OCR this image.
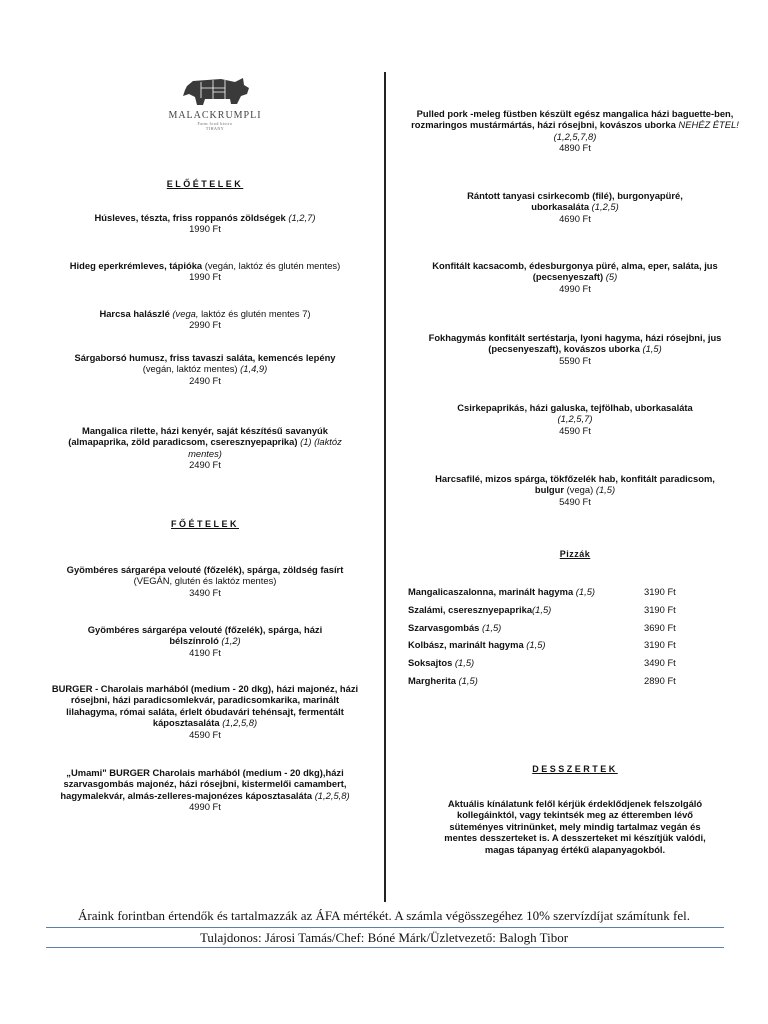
MALACKRUMPLI
Farm food bistro
TIHANY
ELŐÉTELEK
Húsleves, tészta, friss roppanós zöldségek (1,2,7)
1990 Ft
Hideg eperkrémleves, tápióka (vegán, laktóz és glutén mentes)
1990 Ft
Harcsa halászlé (vega, laktóz és glutén mentes 7)
2990 Ft
Sárgaborsó humusz, friss tavaszi saláta, kemencés lepény
(vegán, laktóz mentes) (1,4,9)
2490 Ft
Mangalica rilette, házi kenyér, saját készítésű savanyúk (almapaprika, zöld paradicsom, cseresznyepaprika) (1) (laktóz mentes)
2490 Ft
FŐÉTELEK
Gyömbéres sárgarépa velouté (főzelék), spárga, zöldség fasírt (VEGÁN, glutén és laktóz mentes)
3490 Ft
Gyömbéres sárgarépa velouté (főzelék), spárga, házi bélszínroló (1,2)
4190 Ft
BURGER - Charolais marhából (medium - 20 dkg), házi majonéz, házi rósejbni, házi paradicsomlekvár, paradicsomkarika, marinált lilahagyma, római saláta, érlelt óbudavári tehénsajt, fermentált káposztasaláta (1,2,5,8)
4590 Ft
„Umami" BURGER Charolais marhából (medium - 20 dkg),házi szarvasgombás majonéz, házi rósejbni, kistermelői camambert, hagymalekvár, almás-zelleres-majonézes káposztasaláta (1,2,5,8)
4990 Ft
Pulled pork -meleg füstben készült egész mangalica házi baguette-ben, rozmaringos mustármártás, házi rósejbni, kovászos uborka NEHÉZ ÉTEL! (1,2,5,7,8)
4890 Ft
Rántott tanyasi csirkecomb (filé), burgonyapüré, uborkasaláta (1,2,5)
4690 Ft
Konfitált kacsacomb, édesburgonya püré, alma, eper, saláta, jus (pecsenyeszaft) (5)
4990 Ft
Fokhagymás konfitált sertéstarja, lyoni hagyma, házi rósejbni, jus (pecsenyeszaft), kovászos uborka (1,5)
5590 Ft
Csirkepaprikás, házi galuska, tejfölhab, uborkasaláta (1,2,5,7)
4590 Ft
Harcsafilé, mizos spárga, tökfőzelék hab, konfitált paradicsom, bulgur (vega) (1,5)
5490 Ft
Pizzák
Mangalicaszalonna, marinált hagyma (1,5)	3190 Ft
Szalámi, cseresznyepaprika(1,5)	3190 Ft
Szarvasgombás (1,5)	3690 Ft
Kolbász, marinált hagyma (1,5)	3190 Ft
Soksajtos (1,5)	3490 Ft
Margherita (1,5)	2890 Ft
DESSZERTEK
Aktuális kínálatunk felől kérjük érdeklődjenek felszolgáló kollegáinktól, vagy tekintsék meg az étteremben lévő süteményes vitrinünket, mely mindig tartalmaz vegán és mentes desszerteket is. A desszerteket mi készítjük valódi, magas tápanyag értékű alapanyagokból.
Áraink forintban értendők és tartalmazzák az ÁFA mértékét. A számla végösszegéhez 10% szervízdíjat számítunk fel.
Tulajdonos: Járosi Tamás/Chef: Bóné Márk/Üzletvezető: Balogh Tibor
